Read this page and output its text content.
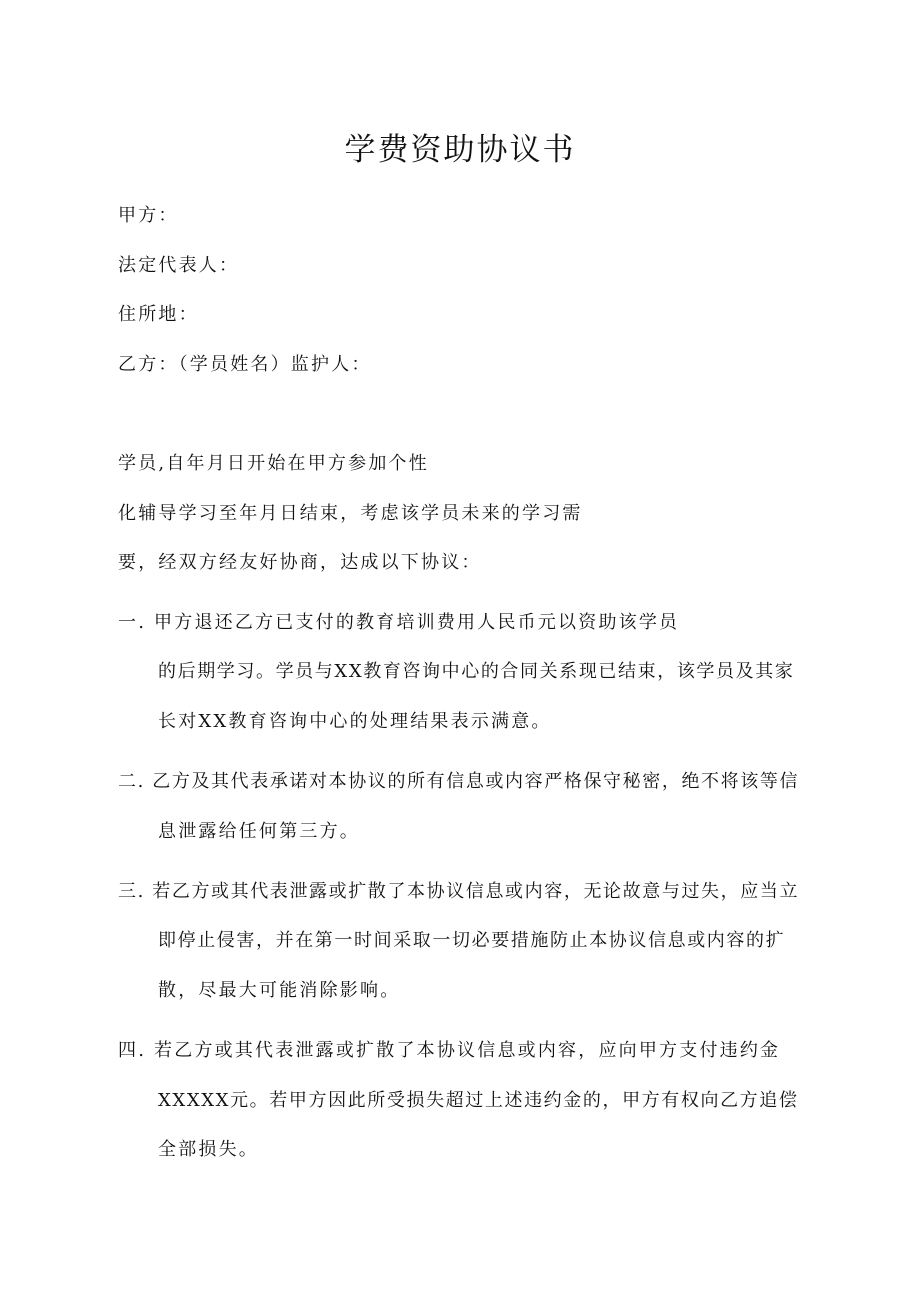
学费资助协议书
甲方：
法定代表人：
住所地：
乙方：（学员姓名）监护人：
学员,自年月日开始在甲方参加个性
化辅导学习至年月日结束，考虑该学员未来的学习需
要，经双方经友好协商，达成以下协议：
一. 甲方退还乙方已支付的教育培训费用人民币元以资助该学员
的后期学习。学员与XX教育咨询中心的合同关系现已结束，该学员及其家
长对XX教育咨询中心的处理结果表示满意。
二. 乙方及其代表承诺对本协议的所有信息或内容严格保守秘密，绝不将该等信
息泄露给任何第三方。
三. 若乙方或其代表泄露或扩散了本协议信息或内容，无论故意与过失，应当立
即停止侵害，并在第一时间采取一切必要措施防止本协议信息或内容的扩
散，尽最大可能消除影响。
四. 若乙方或其代表泄露或扩散了本协议信息或内容，应向甲方支付违约金
XXXXX元。若甲方因此所受损失超过上述违约金的，甲方有权向乙方追偿
全部损失。
